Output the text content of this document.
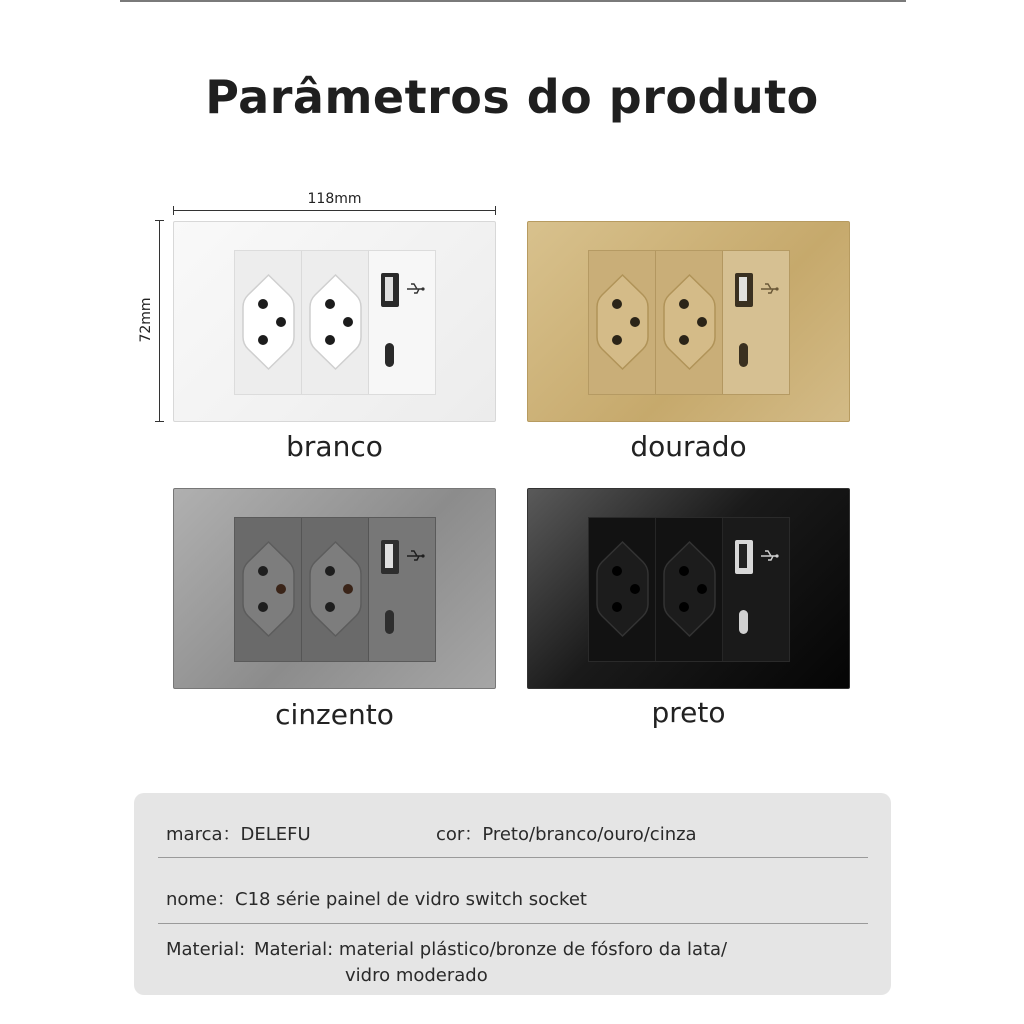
Parâmetros do produto
118mm
72mm
branco	dourado
cinzento	preto
marca：DELEFU	cor：Preto/branco/ouro/cinza
nome：C18 série painel de vidro switch socket
Material: Material: material plástico/bronze de fósforo da lata/
vidro moderado
